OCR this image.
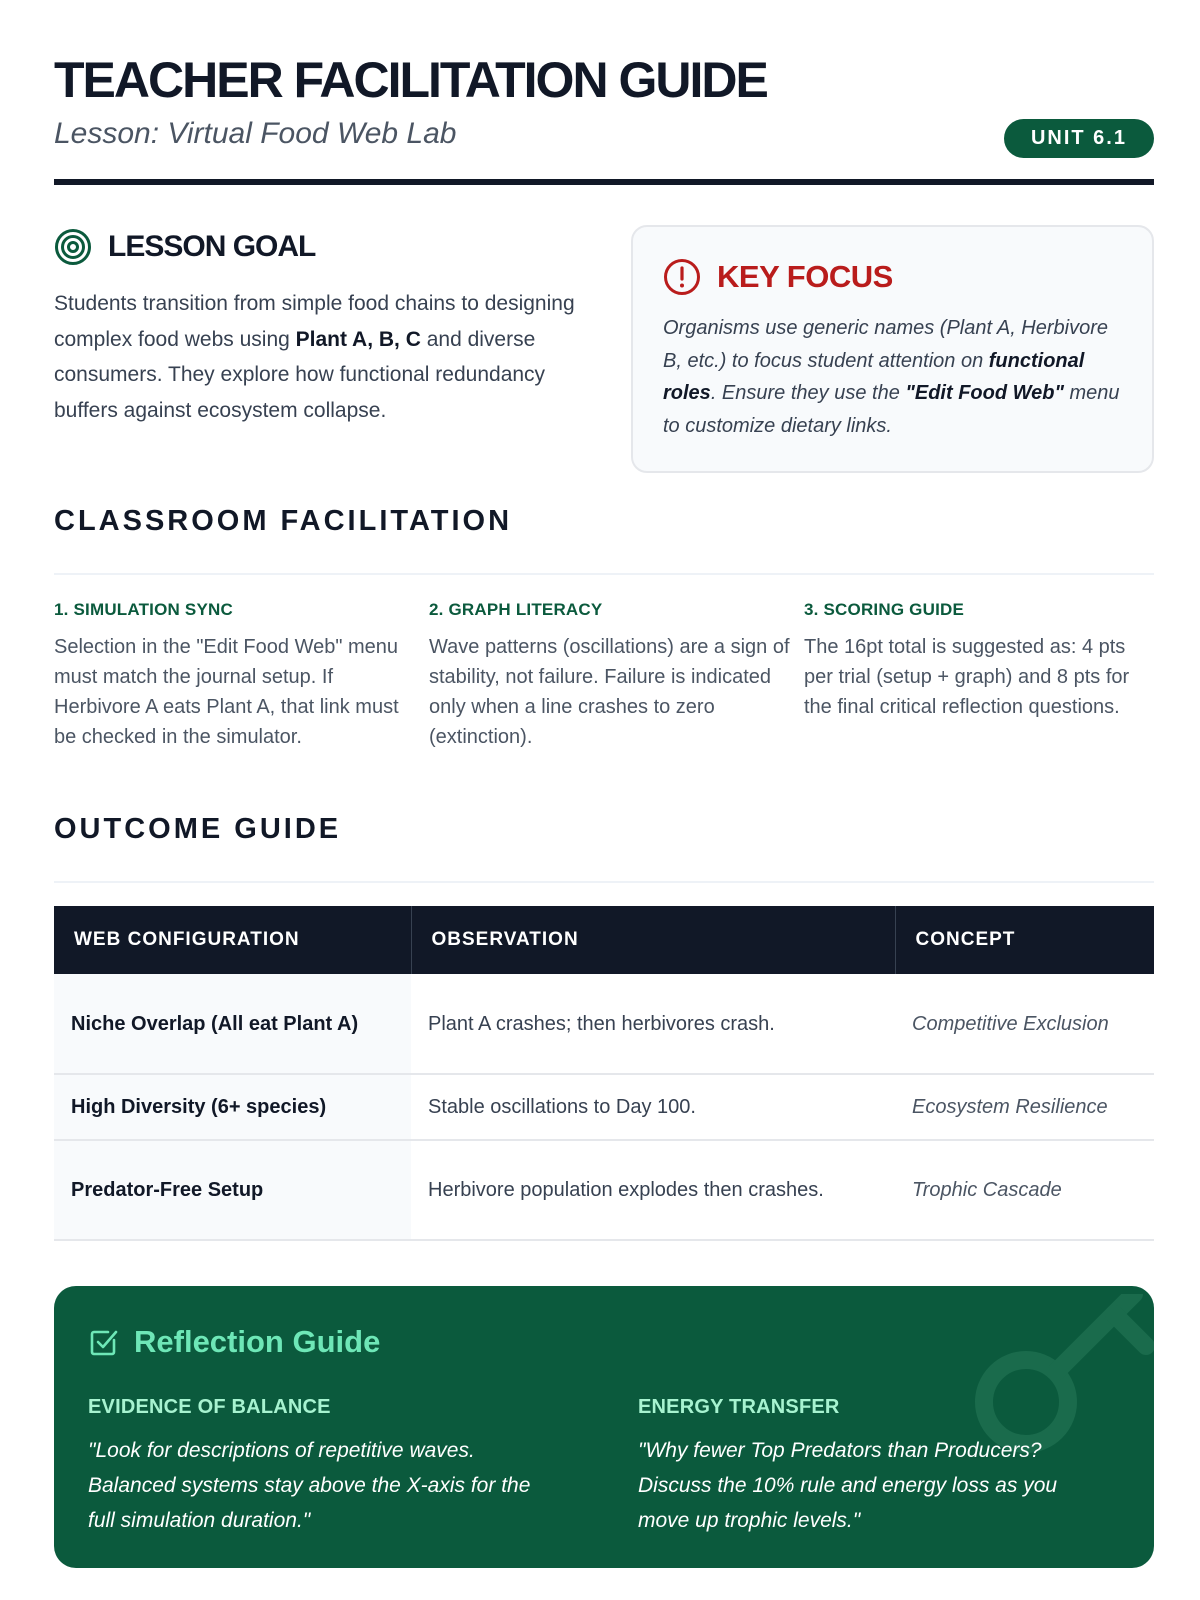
TEACHER FACILITATION GUIDE
Lesson: Virtual Food Web Lab	UNIT 6.1
LESSON GOAL

Students transition from simple food chains to designing complex food webs using Plant A, B, C and diverse consumers. They explore how functional redundancy buffers against ecosystem collapse.

KEY FOCUS

Organisms use generic names (Plant A, Herbivore B, etc.) to focus student attention on functional roles. Ensure they use the "Edit Food Web" menu to customize dietary links.

CLASSROOM FACILITATION
1. SIMULATION SYNC
Selection in the "Edit Food Web" menu must match the journal setup. If Herbivore A eats Plant A, that link must be checked in the simulator.
2. GRAPH LITERACY
Wave patterns (oscillations) are a sign of stability, not failure. Failure is indicated only when a line crashes to zero (extinction).
3. SCORING GUIDE
The 16pt total is suggested as: 4 pts per trial (setup + graph) and 8 pts for the final critical reflection questions.
OUTCOME GUIDE
WEB CONFIGURATION	OBSERVATION	CONCEPT
Niche Overlap (All eat Plant A)	Plant A crashes; then herbivores crash.	Competitive Exclusion
High Diversity (6+ species)	Stable oscillations to Day 100.	Ecosystem Resilience
Predator-Free Setup	Herbivore population explodes then crashes.	Trophic Cascade
Reflection Guide
EVIDENCE OF BALANCE
"Look for descriptions of repetitive waves. Balanced systems stay above the X-axis for the full simulation duration."
ENERGY TRANSFER
"Why fewer Top Predators than Producers? Discuss the 10% rule and energy loss as you move up trophic levels."
